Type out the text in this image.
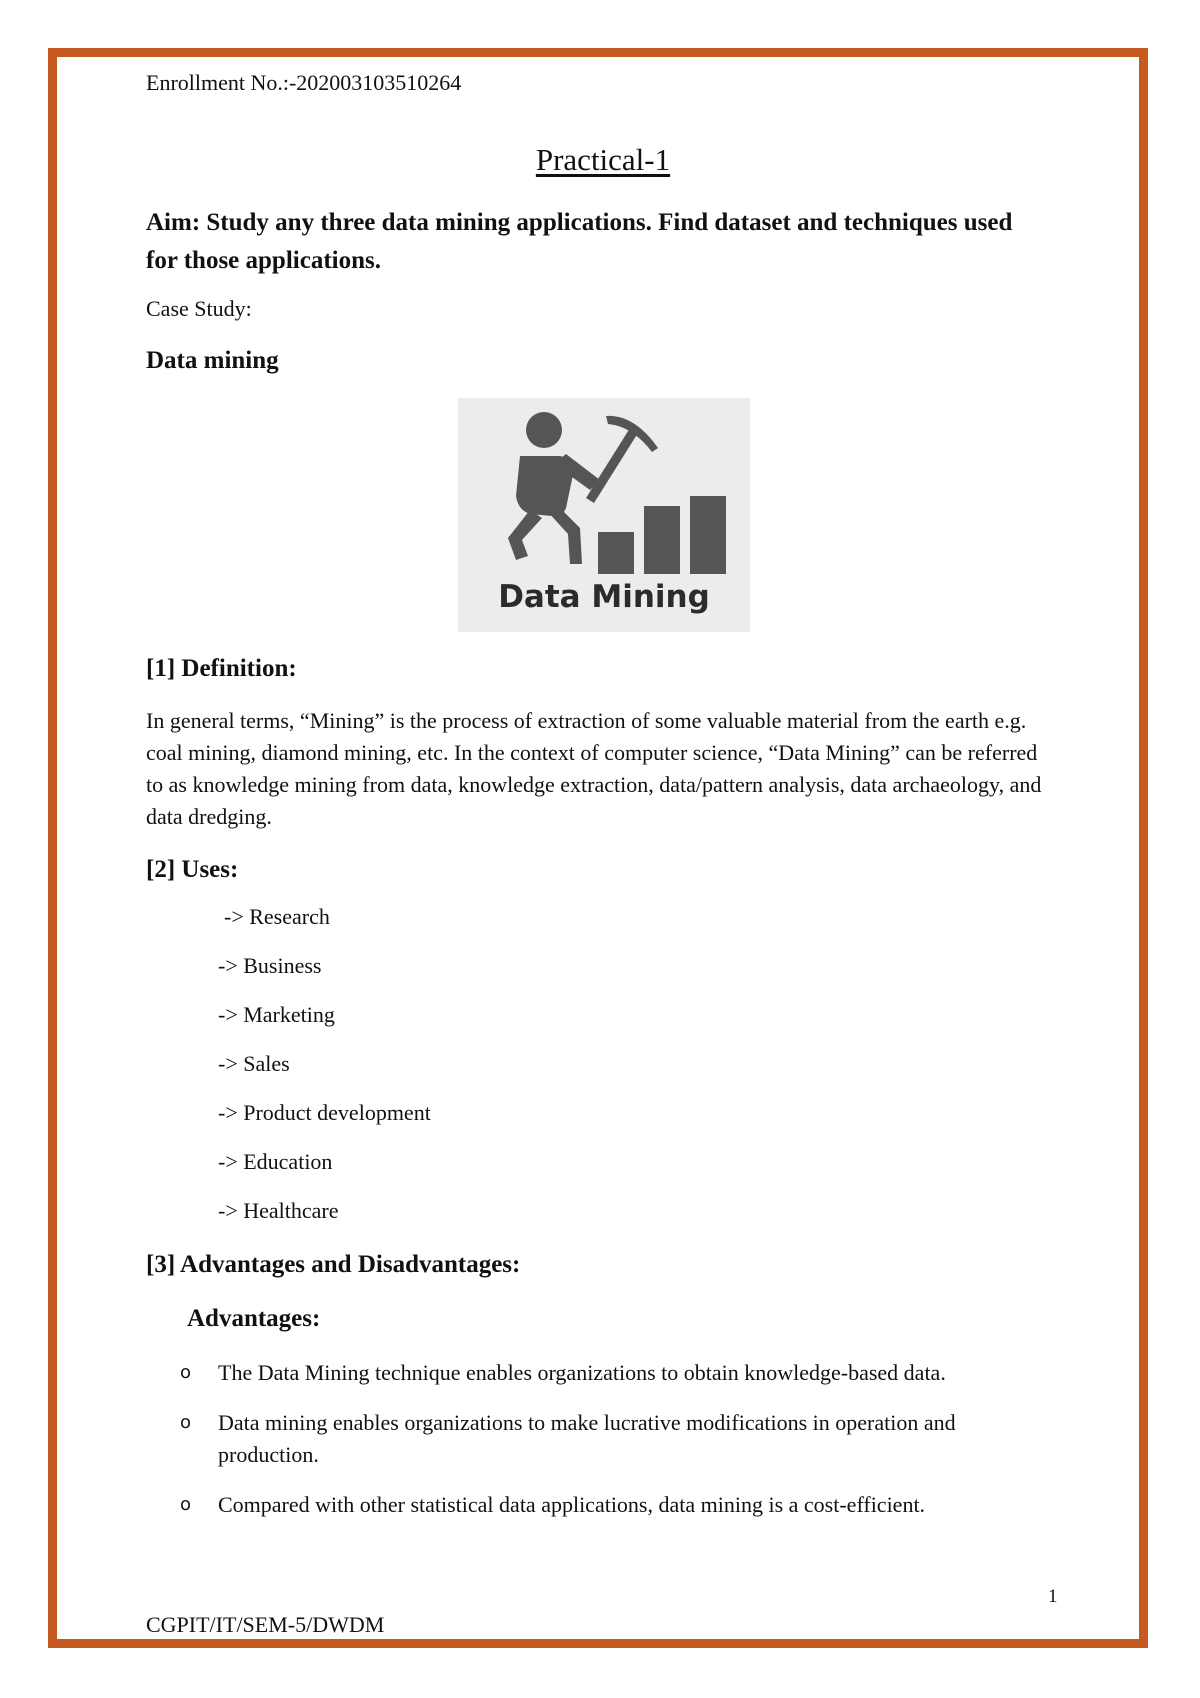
Enrollment No.:-202003103510264
Practical-1
Aim: Study any three data mining applications. Find dataset and techniques used for those applications.
Case Study:
Data mining
Data Mining
[1] Definition:
In general terms, “Mining” is the process of extraction of some valuable material from the earth e.g. coal mining, diamond mining, etc. In the context of computer science, “Data Mining” can be referred to as knowledge mining from data, knowledge extraction, data/pattern analysis, data archaeology, and data dredging.
[2] Uses:
-> Research
-> Business
-> Marketing
-> Sales
-> Product development
-> Education
-> Healthcare
[3] Advantages and Disadvantages:
Advantages:
o The Data Mining technique enables organizations to obtain knowledge-based data.
o Data mining enables organizations to make lucrative modifications in operation and production.
o Compared with other statistical data applications, data mining is a cost-efficient.
1
CGPIT/IT/SEM-5/DWDM
